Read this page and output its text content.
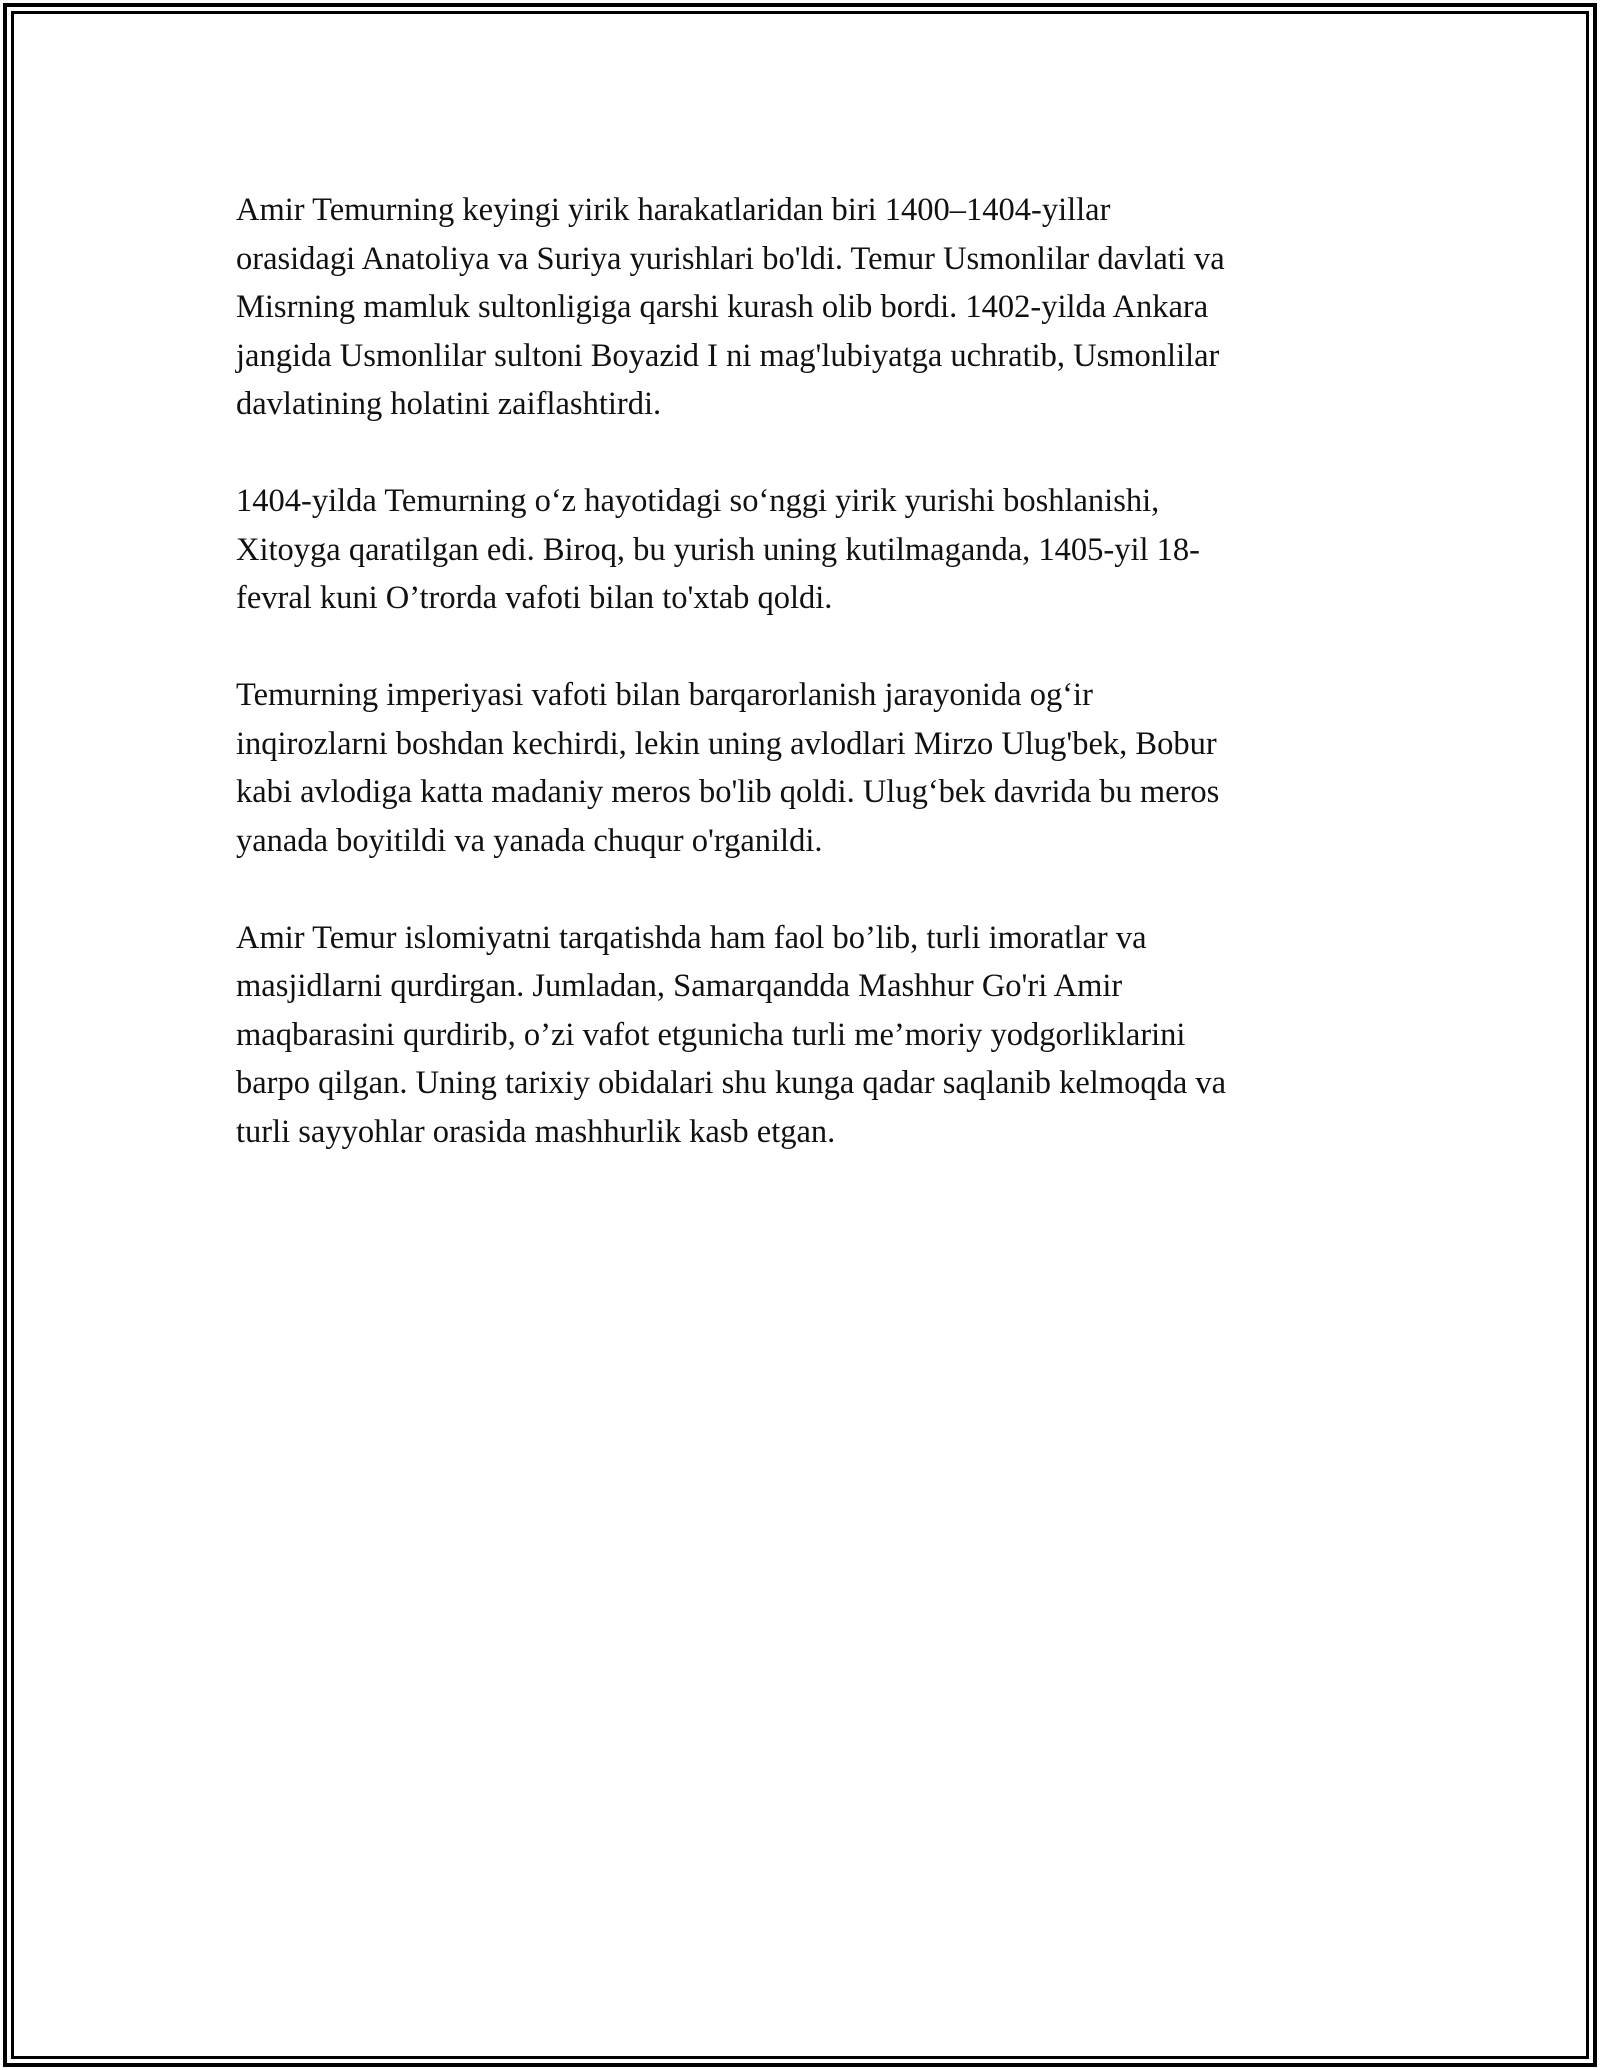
Amir Temurning keyingi yirik harakatlaridan biri 1400–1404-yillar
orasidagi Anatoliya va Suriya yurishlari bo'ldi. Temur Usmonlilar davlati va
Misrning mamluk sultonligiga qarshi kurash olib bordi. 1402-yilda Ankara
jangida Usmonlilar sultoni Boyazid I ni mag'lubiyatga uchratib, Usmonlilar
davlatining holatini zaiflashtirdi.

1404-yilda Temurning o‘z hayotidagi so‘nggi yirik yurishi boshlanishi,
Xitoyga qaratilgan edi. Biroq, bu yurish uning kutilmaganda, 1405-yil 18-
fevral kuni O’trorda vafoti bilan to'xtab qoldi.

Temurning imperiyasi vafoti bilan barqarorlanish jarayonida og‘ir
inqirozlarni boshdan kechirdi, lekin uning avlodlari Mirzo Ulug'bek, Bobur
kabi avlodiga katta madaniy meros bo'lib qoldi. Ulug‘bek davrida bu meros
yanada boyitildi va yanada chuqur o'rganildi.

Amir Temur islomiyatni tarqatishda ham faol bo’lib, turli imoratlar va
masjidlarni qurdirgan. Jumladan, Samarqandda Mashhur Go'ri Amir
maqbarasini qurdirib, o’zi vafot etgunicha turli me’moriy yodgorliklarini
barpo qilgan. Uning tarixiy obidalari shu kunga qadar saqlanib kelmoqda va
turli sayyohlar orasida mashhurlik kasb etgan.
